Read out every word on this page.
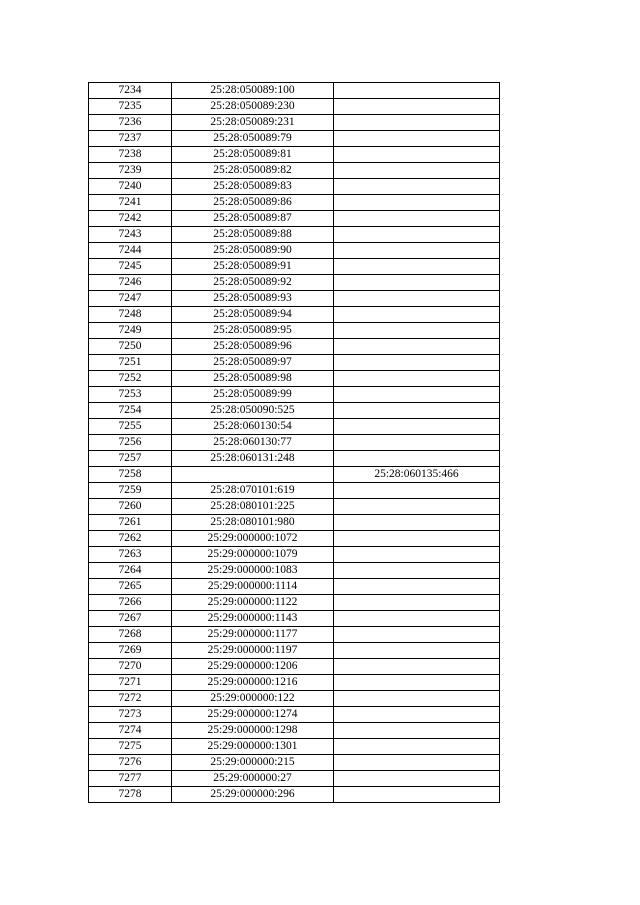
7234	25:28:050089:100	
7235	25:28:050089:230	
7236	25:28:050089:231	
7237	25:28:050089:79	
7238	25:28:050089:81	
7239	25:28:050089:82	
7240	25:28:050089:83	
7241	25:28:050089:86	
7242	25:28:050089:87	
7243	25:28:050089:88	
7244	25:28:050089:90	
7245	25:28:050089:91	
7246	25:28:050089:92	
7247	25:28:050089:93	
7248	25:28:050089:94	
7249	25:28:050089:95	
7250	25:28:050089:96	
7251	25:28:050089:97	
7252	25:28:050089:98	
7253	25:28:050089:99	
7254	25:28:050090:525	
7255	25:28:060130:54	
7256	25:28:060130:77	
7257	25:28:060131:248	
7258		25:28:060135:466
7259	25:28:070101:619	
7260	25:28:080101:225	
7261	25:28:080101:980	
7262	25:29:000000:1072	
7263	25:29:000000:1079	
7264	25:29:000000:1083	
7265	25:29:000000:1114	
7266	25:29:000000:1122	
7267	25:29:000000:1143	
7268	25:29:000000:1177	
7269	25:29:000000:1197	
7270	25:29:000000:1206	
7271	25:29:000000:1216	
7272	25:29:000000:122	
7273	25:29:000000:1274	
7274	25:29:000000:1298	
7275	25:29:000000:1301	
7276	25:29:000000:215	
7277	25:29:000000:27	
7278	25:29:000000:296	
